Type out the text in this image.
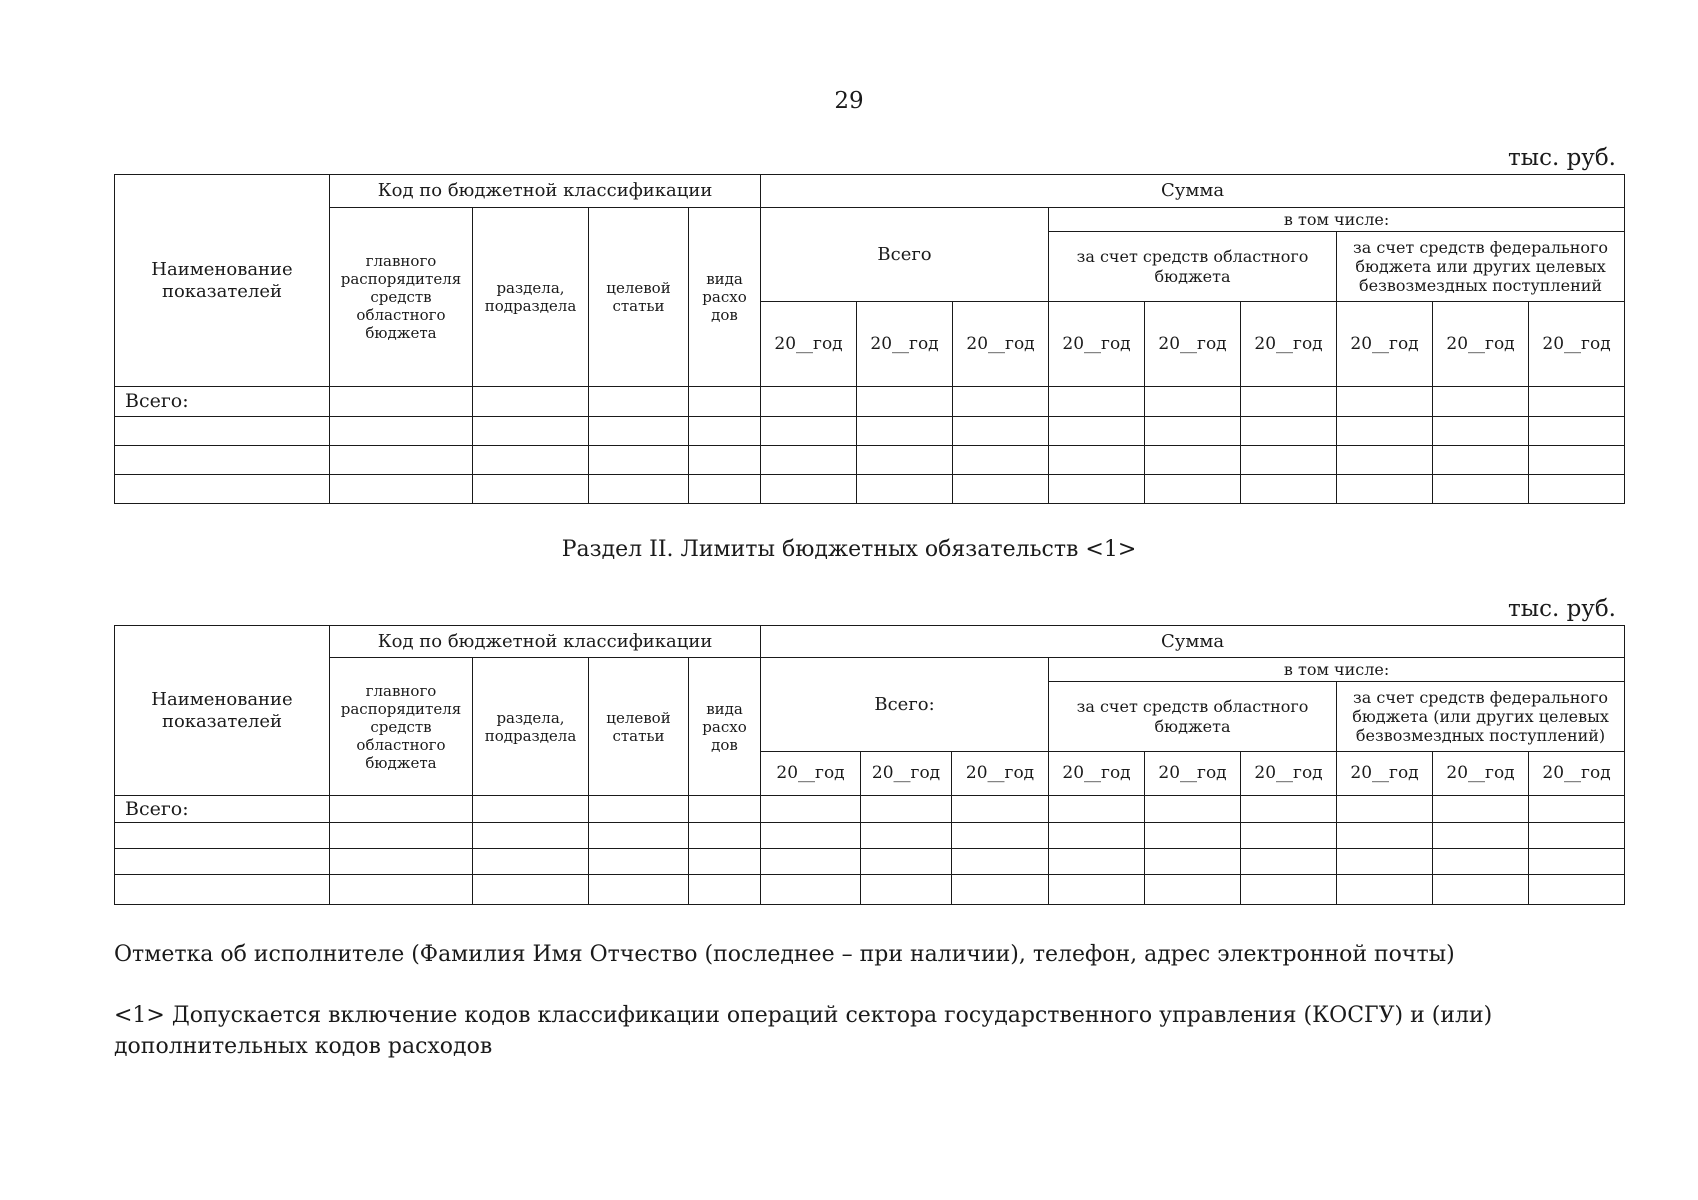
29
тыс. руб.
Наименование показателей	Код по бюджетной классификации				Сумма								
	главного распорядителя средств областного бюджета	раздела, подраздела	целевой статьи	вида расхо дов	Всего			в том числе:					
								за счет средств областного бюджета			за счет средств федерального бюджета или других целевых безвозмездных поступлений		
					20__год	20__год	20__год	20__год	20__год	20__год	20__год	20__год	20__год
Всего:													

Раздел II. Лимиты бюджетных обязательств <1>
тыс. руб.
Наименование показателей	Код по бюджетной классификации				Сумма								
	главного распорядителя средств областного бюджета	раздела, подраздела	целевой статьи	вида расхо дов	Всего:			в том числе:					
								за счет средств областного бюджета			за счет средств федерального бюджета (или других целевых безвозмездных поступлений)		
					20__год	20__год	20__год	20__год	20__год	20__год	20__год	20__год	20__год
Всего:													

Отметка об исполнителе (Фамилия Имя Отчество (последнее – при наличии), телефон, адрес электронной почты)
<1> Допускается включение кодов классификации операций сектора государственного управления (КОСГУ) и (или) дополнительных кодов расходов
